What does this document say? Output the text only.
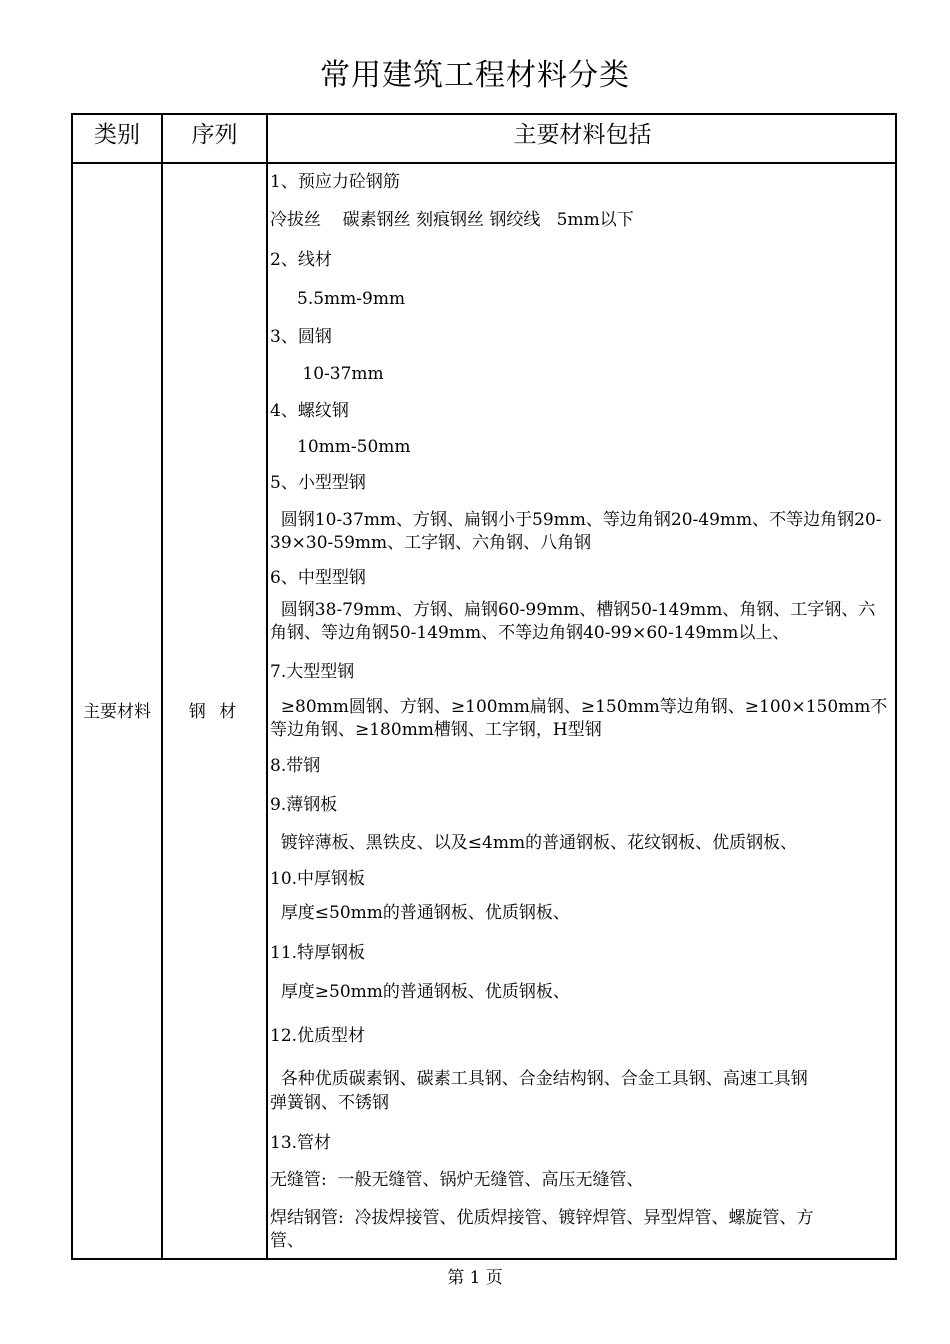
常用建筑工程材料分类
类别	序列	主要材料包括
主要材料	钢 材
1、预应力砼钢筋
冷拔丝    碳素钢丝 刻痕钢丝 钢绞线   5mm以下
2、线材
5.5mm-9mm
3、圆钢
10-37mm
4、螺纹钢
10mm-50mm
5、小型型钢
圆钢10-37mm、方钢、扁钢小于59mm、等边角钢20-49mm、不等边角钢20-
39×30-59mm、工字钢、六角钢、八角钢
6、中型型钢
圆钢38-79mm、方钢、扁钢60-99mm、槽钢50-149mm、角钢、工字钢、六
角钢、等边角钢50-149mm、不等边角钢40-99×60-149mm以上、
7.大型型钢
≥80mm圆钢、方钢、≥100mm扁钢、≥150mm等边角钢、≥100×150mm不
等边角钢、≥180mm槽钢、工字钢，H型钢
8.带钢
9.薄钢板
镀锌薄板、黑铁皮、以及≤4mm的普通钢板、花纹钢板、优质钢板、
10.中厚钢板
厚度≤50mm的普通钢板、优质钢板、
11.特厚钢板
厚度≥50mm的普通钢板、优质钢板、
12.优质型材
各种优质碳素钢、碳素工具钢、合金结构钢、合金工具钢、高速工具钢
弹簧钢、不锈钢
13.管材
无缝管:  一般无缝管、锅炉无缝管、高压无缝管、
焊结钢管:  冷拔焊接管、优质焊接管、镀锌焊管、异型焊管、螺旋管、方
管、
第 1 页
